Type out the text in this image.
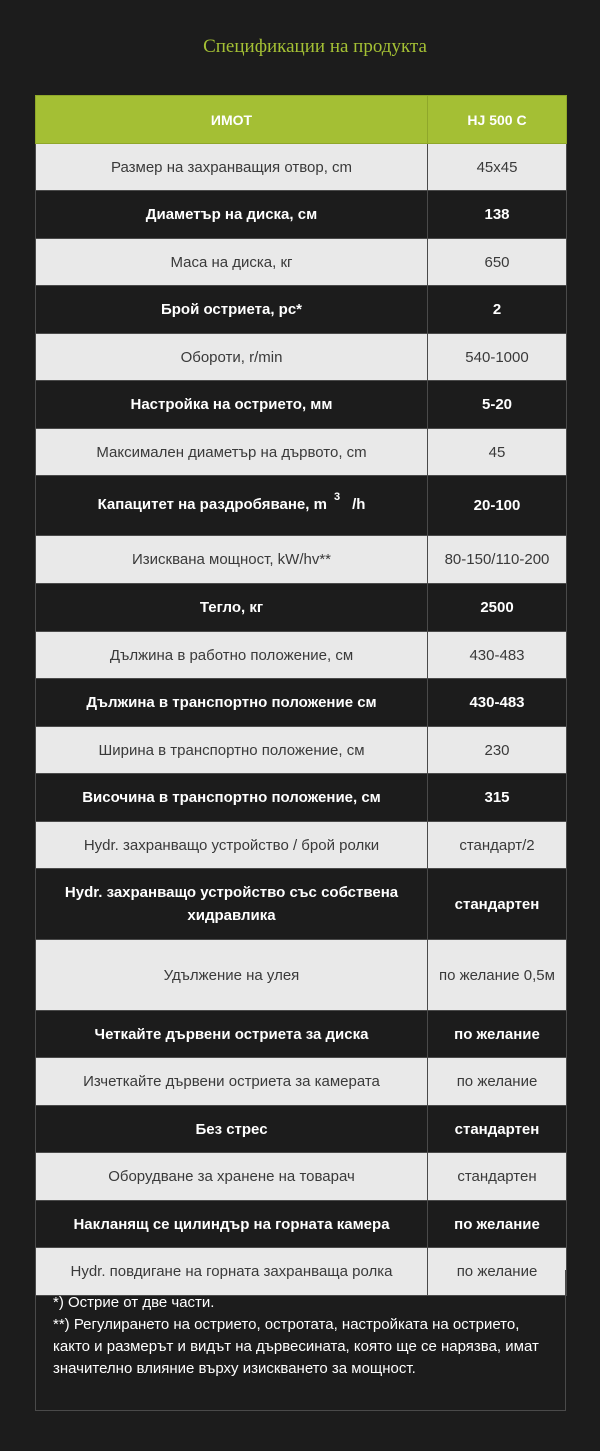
Спецификации на продукта
ИМОТ	HJ 500 C
Размер на захранващия отвор, cm	45x45
Диаметър на диска, см	138
Маса на диска, кг	650
Брой остриета, pc*	2
Обороти, r/min	540-1000
Настройка на острието, мм	5-20
Максимален диаметър на дървото, cm	45
Капацитет на раздробяване, m $^3$ /h	20-100
Изисквана мощност, kW/hv**	80-150/110-200
Тегло, кг	2500
Дължина в работно положение, см	430-483
Дължина в транспортно положение см	430-483
Ширина в транспортно положение, см	230
Височина в транспортно положение, см	315
Hydr. захранващо устройство / брой ролки	стандарт/2
Hydr. захранващо устройство със собствена хидравлика	стандартен
Удължение на улея	по желание 0,5м
Четкайте дървени остриета за диска	по желание
Изчеткайте дървени остриета за камерата	по желание
Без стрес	стандартен
Оборудване за хранене на товарач	стандартен
Накланящ се цилиндър на горната камера	по желание
Hydr. повдигане на горната захранваща ролка	по желание

*) Острие от две части.

**) Регулирането на острието, остротата, настройката на острието, както и размерът и видът на дървесината, която ще се нарязва, имат значително влияние върху изискването за мощност.
